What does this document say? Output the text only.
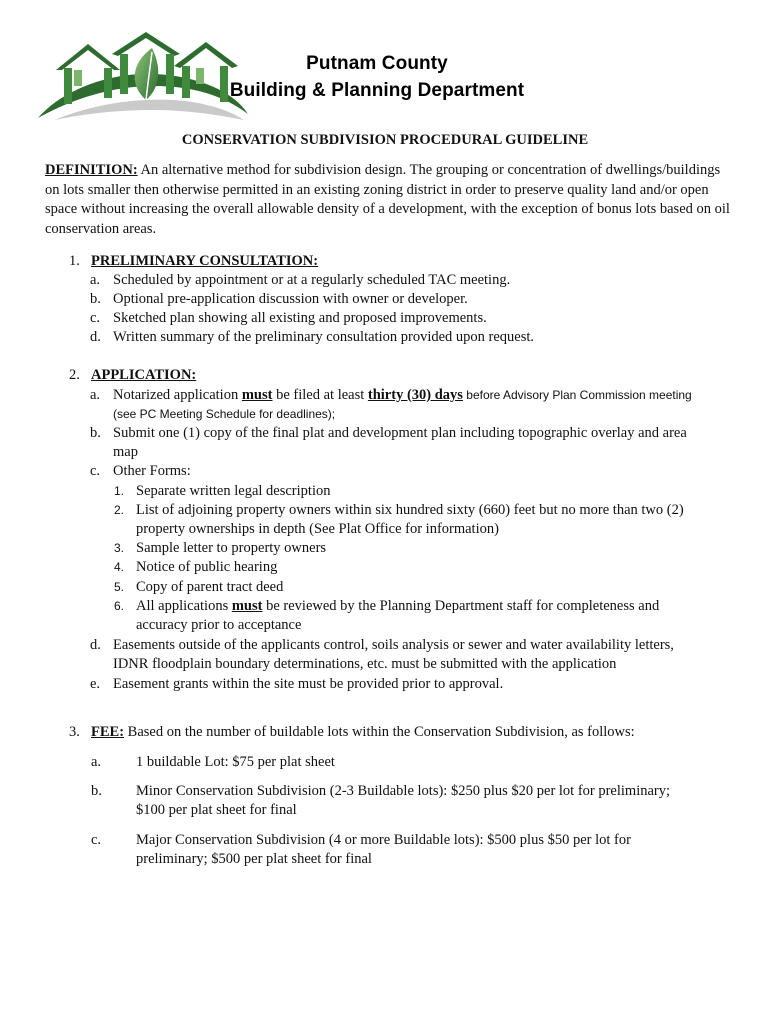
Putnam County
Building & Planning Department
CONSERVATION SUBDIVISION PROCEDURAL GUIDELINE
DEFINITION: An alternative method for subdivision design. The grouping or concentration of dwellings/buildings on lots smaller then otherwise permitted in an existing zoning district in order to preserve quality land and/or open space without increasing the overall allowable density of a development, with the exception of bonus lots based on oil conservation areas.
1. PRELIMINARY CONSULTATION:
a. Scheduled by appointment or at a regularly scheduled TAC meeting.
b. Optional pre-application discussion with owner or developer.
c. Sketched plan showing all existing and proposed improvements.
d. Written summary of the preliminary consultation provided upon request.
2. APPLICATION:
a. Notarized application must be filed at least thirty (30) days before Advisory Plan Commission meeting
(see PC Meeting Schedule for deadlines);
b. Submit one (1) copy of the final plat and development plan including topographic overlay and area
map
c. Other Forms:
1. Separate written legal description
2. List of adjoining property owners within six hundred sixty (660) feet but no more than two (2)
property ownerships in depth (See Plat Office for information)
3. Sample letter to property owners
4. Notice of public hearing
5. Copy of parent tract deed
6. All applications must be reviewed by the Planning Department staff for completeness and
accuracy prior to acceptance
d. Easements outside of the applicants control, soils analysis or sewer and water availability letters,
IDNR floodplain boundary determinations, etc. must be submitted with the application
e. Easement grants within the site must be provided prior to approval.
3. FEE: Based on the number of buildable lots within the Conservation Subdivision, as follows:
a. 1 buildable Lot: $75 per plat sheet
b. Minor Conservation Subdivision (2-3 Buildable lots): $250 plus $20 per lot for preliminary;
$100 per plat sheet for final
c. Major Conservation Subdivision (4 or more Buildable lots): $500 plus $50 per lot for
preliminary; $500 per plat sheet for final
